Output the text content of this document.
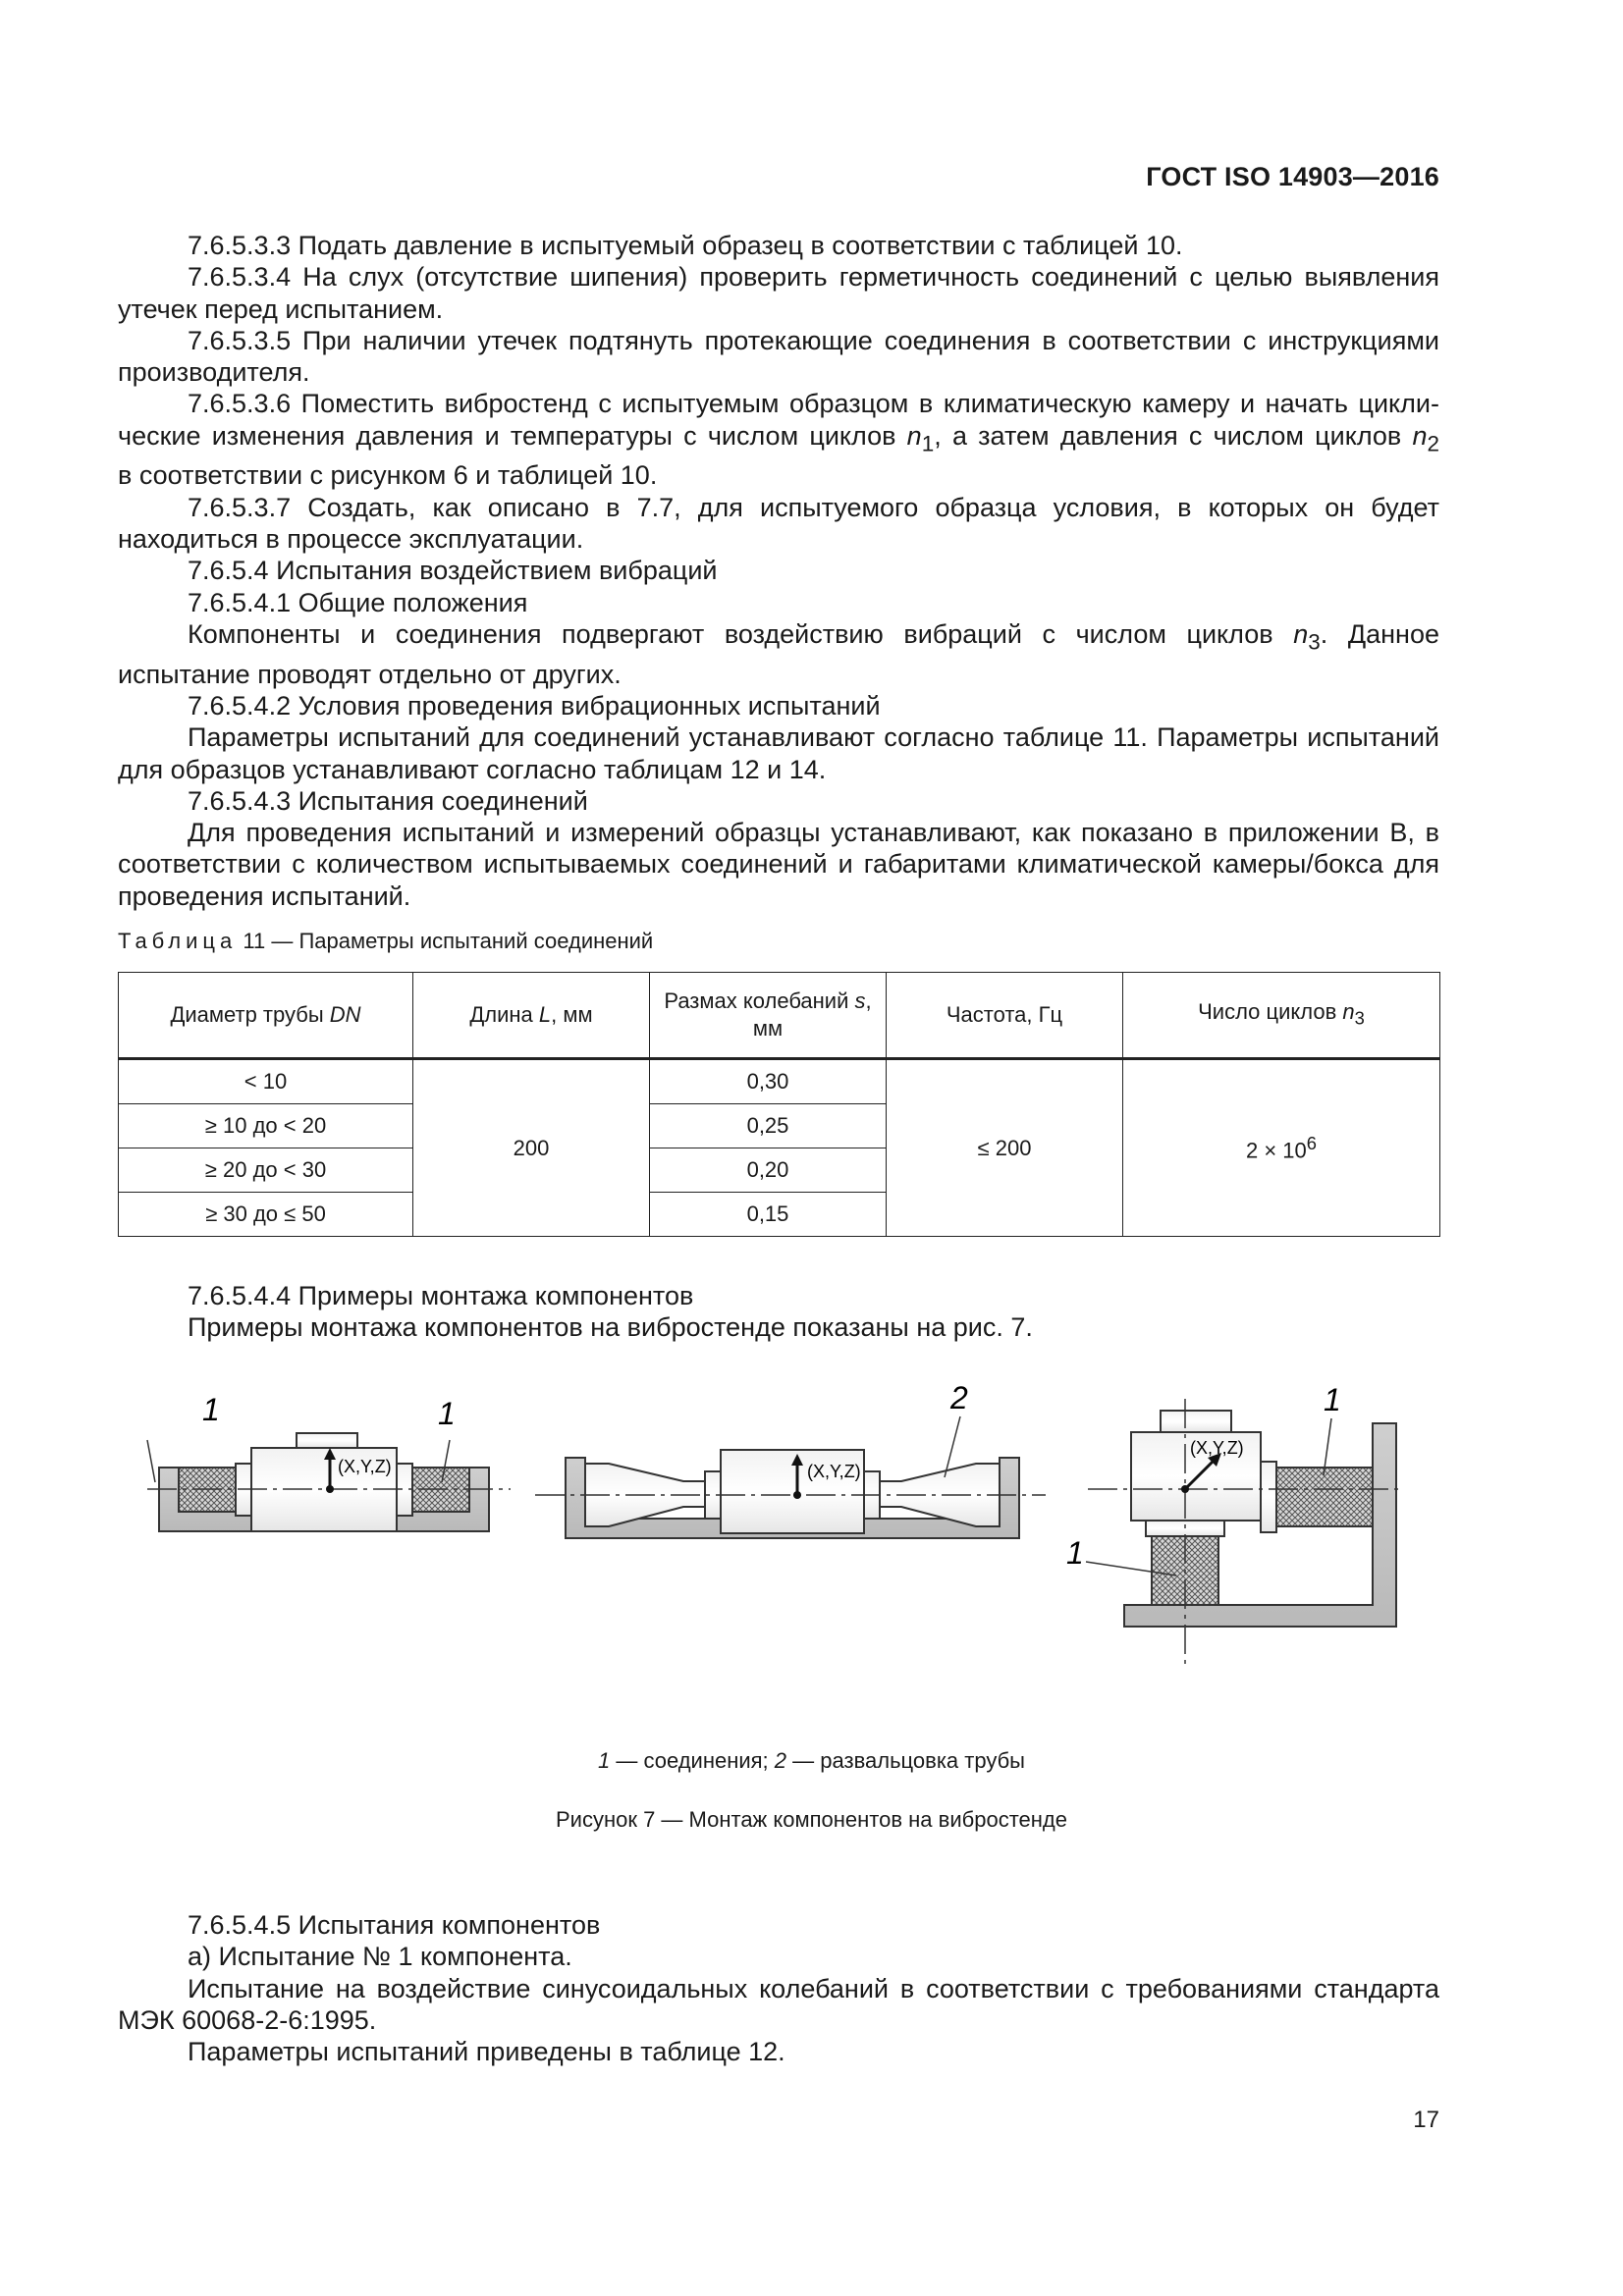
ГОСТ ISO 14903—2016

7.6.5.3.3 Подать давление в испытуемый образец в соответствии с таблицей 10.

7.6.5.3.4 На слух (отсутствие шипения) проверить герметичность соединений с целью выявления утечек перед испытанием.

7.6.5.3.5 При наличии утечек подтянуть протекающие соединения в соответствии с инструкциями производителя.

7.6.5.3.6 Поместить вибростенд с испытуемым образцом в климатическую камеру и начать цикли-

ческие изменения давления и температуры с числом циклов $n_1$, а затем давления с числом циклов $n_2$

в соответствии с рисунком 6 и таблицей 10.

7.6.5.3.7 Создать, как описано в 7.7, для испытуемого образца условия, в которых он будет находиться в процессе эксплуатации.

7.6.5.4 Испытания воздействием вибраций

7.6.5.4.1 Общие положения

Компоненты и соединения подвергают воздействию вибраций с числом циклов $n_3$. Данное испытание проводят отдельно от других.

7.6.5.4.2 Условия проведения вибрационных испытаний

Параметры испытаний для соединений устанавливают согласно таблице 11. Параметры испытаний для образцов устанавливают согласно таблицам 12 и 14.

7.6.5.4.3 Испытания соединений

Для проведения испытаний и измерений образцы устанавливают, как показано в приложении В, в соответствии с количеством испытываемых соединений и габаритами климатической камеры/бокса для проведения испытаний.

Таблица 11 — Параметры испытаний соединений
Диаметр трубы DN	Длина L, мм	Размах колебаний s,
мм	Частота, Гц	Число циклов $n_3$
< 10	200	0,30	≤ 200	$2 \times 10^6$
≥ 10 до < 20		0,25		
≥ 20 до < 30		0,20		
≥ 30 до ≤ 50		0,15		

7.6.5.4.4 Примеры монтажа компонентов

Примеры монтажа компонентов на вибростенде показаны на рис. 7.

(X,Y,Z)
1	1
(X,Y,Z)
2
(X,Y,Z)
1
1
1 — соединения; 2 — развальцовка трубы
Рисунок 7 — Монтаж компонентов на вибростенде

7.6.5.4.5 Испытания компонентов

а) Испытание № 1 компонента.

Испытание на воздействие синусоидальных колебаний в соответствии с требованиями стандарта МЭК 60068-2-6:1995.

Параметры испытаний приведены в таблице 12.

17
